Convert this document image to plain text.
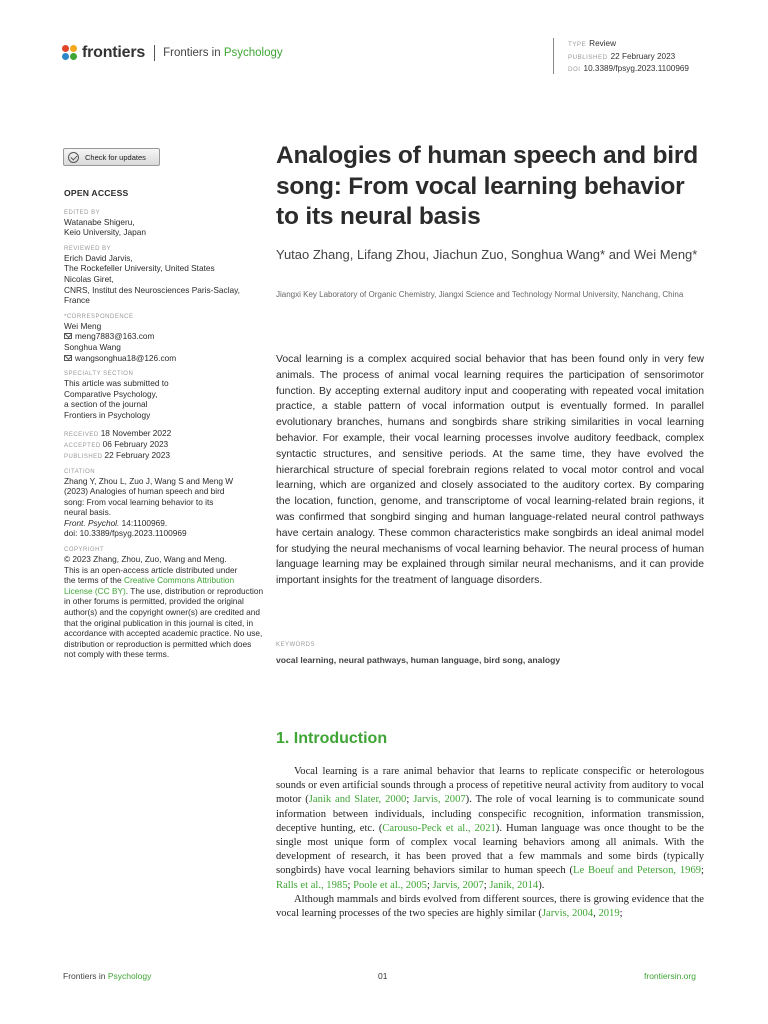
frontiers Frontiers in Psychology
TYPE Review
PUBLISHED 22 February 2023
DOI 10.3389/fpsyg.2023.1100969
Check for updates
OPEN ACCESS
EDITED BY
Watanabe Shigeru,
Keio University, Japan
REVIEWED BY
Erich David Jarvis,
The Rockefeller University, United States
Nicolas Giret,
CNRS, Institut des Neurosciences Paris-Saclay,
France
*CORRESPONDENCE
Wei Meng
meng7883@163.com
Songhua Wang
wangsonghua18@126.com
SPECIALTY SECTION
This article was submitted to
Comparative Psychology,
a section of the journal
Frontiers in Psychology
RECEIVED 18 November 2022
ACCEPTED 06 February 2023
PUBLISHED 22 February 2023
CITATION
Zhang Y, Zhou L, Zuo J, Wang S and Meng W
(2023) Analogies of human speech and bird
song: From vocal learning behavior to its
neural basis.
Front. Psychol. 14:1100969.
doi: 10.3389/fpsyg.2023.1100969
COPYRIGHT
© 2023 Zhang, Zhou, Zuo, Wang and Meng.
This is an open-access article distributed under
the terms of the Creative Commons Attribution License (CC BY). The use, distribution or reproduction in other forums is permitted, provided the original author(s) and the copyright owner(s) are credited and that the original publication in this journal is cited, in accordance with accepted academic practice. No use, distribution or reproduction is permitted which does not comply with these terms.
Analogies of human speech and bird song: From vocal learning behavior to its neural basis
Yutao Zhang, Lifang Zhou, Jiachun Zuo, Songhua Wang* and Wei Meng*
Jiangxi Key Laboratory of Organic Chemistry, Jiangxi Science and Technology Normal University, Nanchang, China
Vocal learning is a complex acquired social behavior that has been found only in very few animals. The process of animal vocal learning requires the participation of sensorimotor function. By accepting external auditory input and cooperating with repeated vocal imitation practice, a stable pattern of vocal information output is eventually formed. In parallel evolutionary branches, humans and songbirds share striking similarities in vocal learning behavior. For example, their vocal learning processes involve auditory feedback, complex syntactic structures, and sensitive periods. At the same time, they have evolved the hierarchical structure of special forebrain regions related to vocal motor control and vocal learning, which are organized and closely associated to the auditory cortex. By comparing the location, function, genome, and transcriptome of vocal learning-related brain regions, it was confirmed that songbird singing and human language-related neural control pathways have certain analogy. These common characteristics make songbirds an ideal animal model for studying the neural mechanisms of vocal learning behavior. The neural process of human language learning may be explained through similar neural mechanisms, and it can provide important insights for the treatment of language disorders.
KEYWORDS
vocal learning, neural pathways, human language, bird song, analogy
1. Introduction

Vocal learning is a rare animal behavior that learns to replicate conspecific or heterologous sounds or even artificial sounds through a process of repetitive neural activity from auditory to vocal motor (Janik and Slater, 2000; Jarvis, 2007). The role of vocal learning is to communicate sound information between individuals, including conspecific recognition, information transmission, deceptive hunting, etc. (Carouso-Peck et al., 2021). Human language was once thought to be the single most unique form of complex vocal learning behaviors among all animals. With the development of research, it has been proved that a few mammals and some birds (typically songbirds) have vocal learning behaviors similar to human speech (Le Boeuf and Peterson, 1969; Ralls et al., 1985; Poole et al., 2005; Jarvis, 2007; Janik, 2014).

Although mammals and birds evolved from different sources, there is growing evidence that the vocal learning processes of the two species are highly similar (Jarvis, 2004, 2019;

Frontiers in Psychology	01	frontiersin.org
